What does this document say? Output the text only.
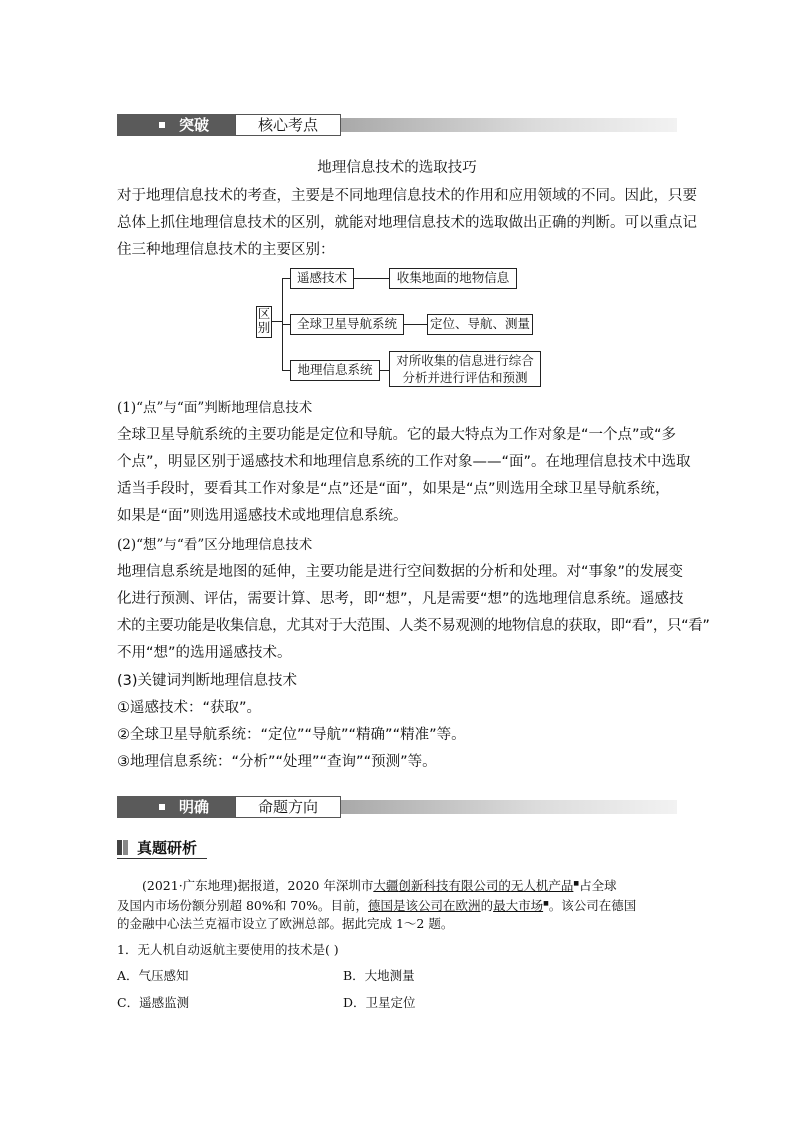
突破	核心考点
地理信息技术的选取技巧
对于地理信息技术的考查，主要是不同地理信息技术的作用和应用领域的不同。因此，只要
总体上抓住地理信息技术的区别，就能对地理信息技术的选取做出正确的判断。可以重点记
住三种地理信息技术的主要区别：
区别
遥感技术	收集地面的地物信息
全球卫星导航系统	定位、导航、测量
地理信息系统
对所收集的信息进行综合
分析并进行评估和预测
(1)“点”与“面”判断地理信息技术
全球卫星导航系统的主要功能是定位和导航。它的最大特点为工作对象是“一个点”或“多
个点”，明显区别于遥感技术和地理信息系统的工作对象——“面”。在地理信息技术中选取
适当手段时，要看其工作对象是“点”还是“面”，如果是“点”则选用全球卫星导航系统，
如果是“面”则选用遥感技术或地理信息系统。
(2)“想”与“看”区分地理信息技术
地理信息系统是地图的延伸，主要功能是进行空间数据的分析和处理。对“事象”的发展变
化进行预测、评估，需要计算、思考，即“想”，凡是需要“想”的选地理信息系统。遥感技
术的主要功能是收集信息，尤其对于大范围、人类不易观测的地物信息的获取，即“看”，只“看”
不用“想”的选用遥感技术。
(3)关键词判断地理信息技术
①遥感技术：“获取”。
②全球卫星导航系统：“定位”“导航”“精确”“精准”等。
③地理信息系统：“分析”“处理”“查询”“预测”等。
明确	命题方向
真题研析
(2021·广东地理)据报道，2020 年深圳市大疆创新科技有限公司的无人机产品■占全球
及国内市场份额分别超 80%和 70%。目前，德国是该公司在欧洲的最大市场■。该公司在德国
的金融中心法兰克福市设立了欧洲总部。据此完成 1～2 题。
1．无人机自动返航主要使用的技术是( )
A．气压感知	B．大地测量
C．遥感监测	D．卫星定位
